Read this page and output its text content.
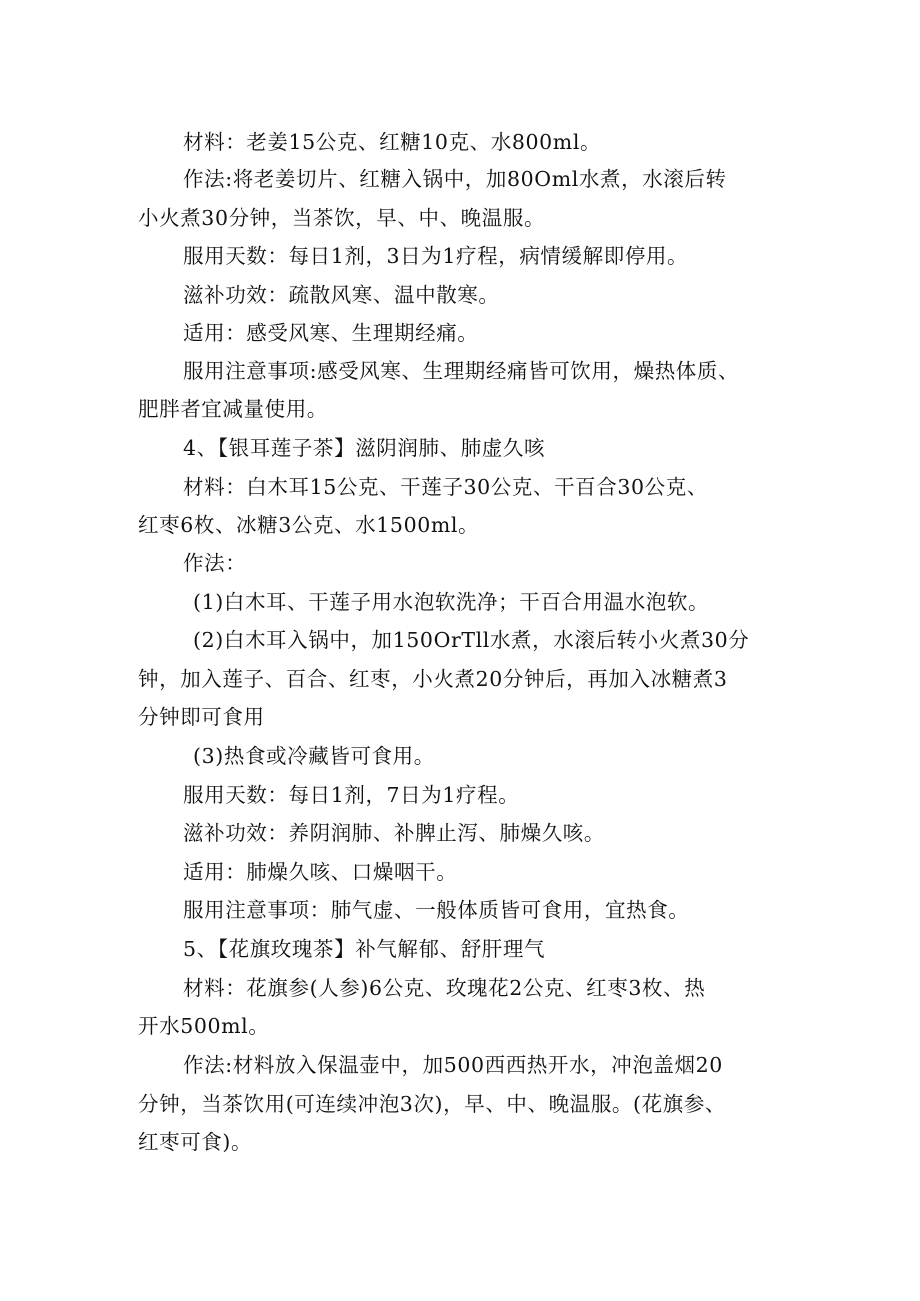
材料：老姜15公克、红糖10克、水800ml。
作法:将老姜切片、红糖入锅中，加80Oml水煮，水滚后转
小火煮30分钟，当茶饮，早、中、晚温服。
服用天数：每日1剂，3日为1疗程，病情缓解即停用。
滋补功效：疏散风寒、温中散寒。
适用：感受风寒、生理期经痛。
服用注意事项:感受风寒、生理期经痛皆可饮用，燥热体质、
肥胖者宜减量使用。
4、【银耳莲子茶】滋阴润肺、肺虚久咳
材料：白木耳15公克、干莲子30公克、干百合30公克、
红枣6枚、冰糖3公克、水1500ml。
作法：
(1)白木耳、干莲子用水泡软洗净；干百合用温水泡软。
(2)白木耳入锅中，加150OrTll水煮，水滚后转小火煮30分
钟，加入莲子、百合、红枣，小火煮20分钟后，再加入冰糖煮3
分钟即可食用
(3)热食或冷藏皆可食用。
服用天数：每日1剂，7日为1疗程。
滋补功效：养阴润肺、补脾止泻、肺燥久咳。
适用：肺燥久咳、口燥咽干。
服用注意事项：肺气虚、一般体质皆可食用，宜热食。
5、【花旗玫瑰茶】补气解郁、舒肝理气
材料：花旗参(人参)6公克、玫瑰花2公克、红枣3枚、热
开水500ml。
作法:材料放入保温壶中，加500西西热开水，冲泡盖烟20
分钟，当茶饮用(可连续冲泡3次)，早、中、晚温服。(花旗参、
红枣可食)。
